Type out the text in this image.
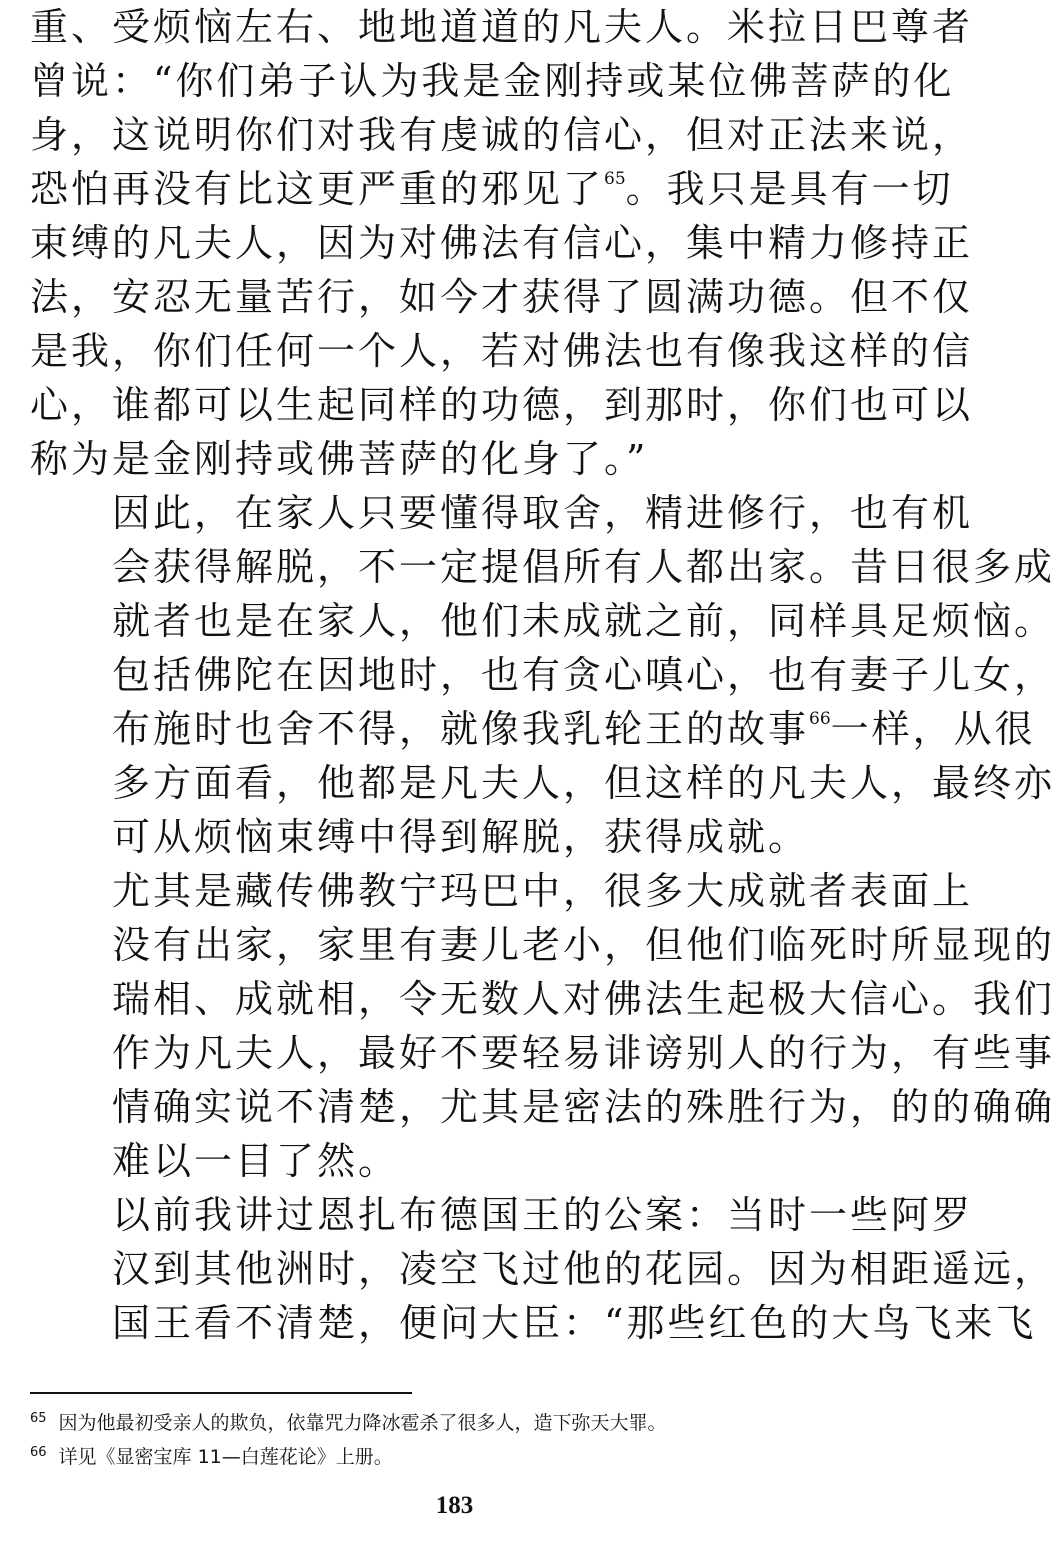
重、受烦恼左右、地地道道的凡夫人。米拉日巴尊者
曾说：“你们弟子认为我是金刚持或某位佛菩萨的化
身，这说明你们对我有虔诚的信心，但对正法来说，
恐怕再没有比这更严重的邪见了$^{65}$。我只是具有一切
束缚的凡夫人，因为对佛法有信心，集中精力修持正
法，安忍无量苦行，如今才获得了圆满功德。但不仅
是我，你们任何一个人，若对佛法也有像我这样的信
心，谁都可以生起同样的功德，到那时，你们也可以
称为是金刚持或佛菩萨的化身了。”
因此，在家人只要懂得取舍，精进修行，也有机
会获得解脱，不一定提倡所有人都出家。昔日很多成
就者也是在家人，他们未成就之前，同样具足烦恼。
包括佛陀在因地时，也有贪心嗔心，也有妻子儿女，
布施时也舍不得，就像我乳轮王的故事$^{66}$一样，从很
多方面看，他都是凡夫人，但这样的凡夫人，最终亦
可从烦恼束缚中得到解脱，获得成就。
尤其是藏传佛教宁玛巴中，很多大成就者表面上
没有出家，家里有妻儿老小，但他们临死时所显现的
瑞相、成就相，令无数人对佛法生起极大信心。我们
作为凡夫人，最好不要轻易诽谤别人的行为，有些事
情确实说不清楚，尤其是密法的殊胜行为，的的确确
难以一目了然。
以前我讲过恩扎布德国王的公案：当时一些阿罗
汉到其他洲时，凌空飞过他的花园。因为相距遥远，
国王看不清楚，便问大臣：“那些红色的大鸟飞来飞
$^{65}$ 因为他最初受亲人的欺负，依靠咒力降冰雹杀了很多人，造下弥天大罪。
$^{66}$ 详见《显密宝库 11—白莲花论》上册。
183
